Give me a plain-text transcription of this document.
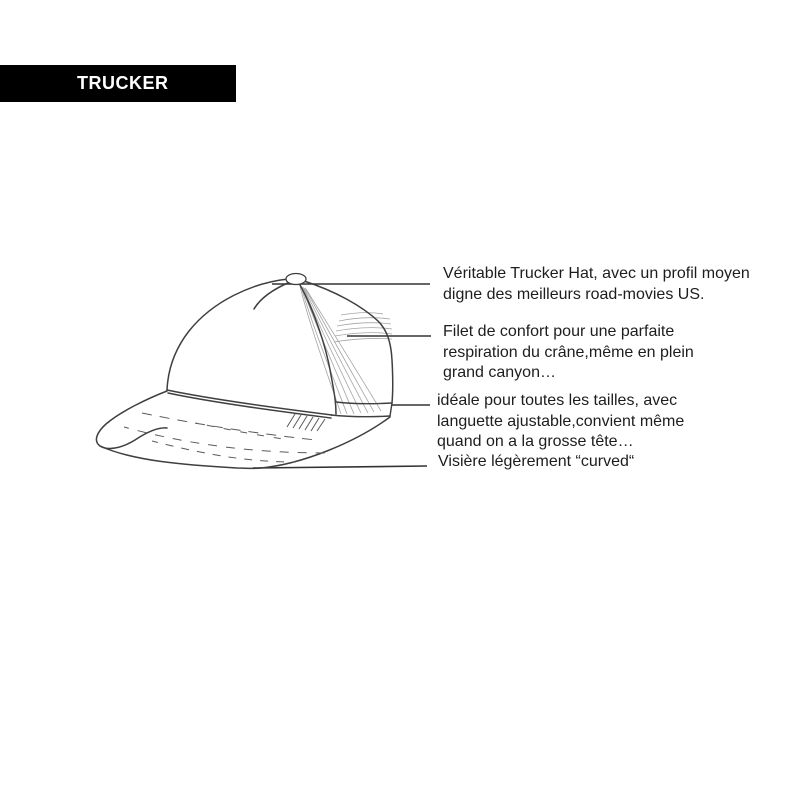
TRUCKER
Véritable Trucker Hat, avec un profil moyen
digne des meilleurs road-movies US.
Filet de confort pour une parfaite
respiration du crâne,même en plein
grand canyon…
idéale pour toutes les tailles, avec
languette ajustable,convient même
quand on a la grosse tête…
Visière légèrement “curved“
